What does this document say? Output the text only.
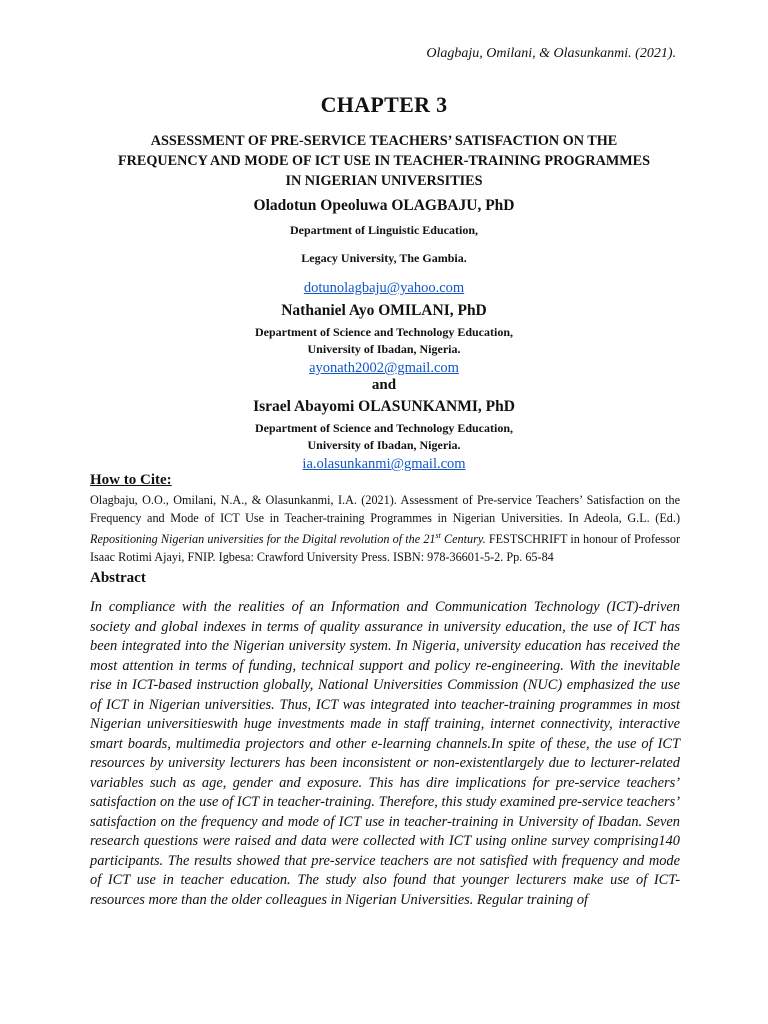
Olagbaju, Omilani, & Olasunkanmi. (2021).
CHAPTER 3
ASSESSMENT OF PRE-SERVICE TEACHERS’ SATISFACTION ON THE
FREQUENCY AND MODE OF ICT USE IN TEACHER-TRAINING PROGRAMMES
IN NIGERIAN UNIVERSITIES
Oladotun Opeoluwa OLAGBAJU, PhD
Department of Linguistic Education,
Legacy University, The Gambia.
dotunolagbaju@yahoo.com
Nathaniel Ayo OMILANI, PhD
Department of Science and Technology Education,
University of Ibadan, Nigeria.
ayonath2002@gmail.com
and
Israel Abayomi OLASUNKANMI, PhD
Department of Science and Technology Education,
University of Ibadan, Nigeria.
ia.olasunkanmi@gmail.com
How to Cite:
Olagbaju, O.O., Omilani, N.A., & Olasunkanmi, I.A. (2021). Assessment of Pre-service Teachers’ Satisfaction on the Frequency and Mode of ICT Use in Teacher-training Programmes in Nigerian Universities. In Adeola, G.L. (Ed.) Repositioning Nigerian universities for the Digital revolution of the 21st Century. FESTSCHRIFT in honour of Professor Isaac Rotimi Ajayi, FNIP. Igbesa: Crawford University Press. ISBN: 978-36601-5-2. Pp. 65-84
Abstract
In compliance with the realities of an Information and Communication Technology (ICT)-driven society and global indexes in terms of quality assurance in university education, the use of ICT has been integrated into the Nigerian university system. In Nigeria, university education has received the most attention in terms of funding, technical support and policy re-engineering. With the inevitable rise in ICT-based instruction globally, National Universities Commission (NUC) emphasized the use of ICT in Nigerian universities. Thus, ICT was integrated into teacher-training programmes in most Nigerian universitieswith huge investments made in staff training, internet connectivity, interactive smart boards, multimedia projectors and other e-learning channels.In spite of these, the use of ICT resources by university lecturers has been inconsistent or non-existentlargely due to lecturer-related variables such as age, gender and exposure. This has dire implications for pre-service teachers’ satisfaction on the use of ICT in teacher-training. Therefore, this study examined pre-service teachers’ satisfaction on the frequency and mode of ICT use in teacher-training in University of Ibadan. Seven research questions were raised and data were collected with ICT using online survey comprising140 participants. The results showed that pre-service teachers are not satisfied with frequency and mode of ICT use in teacher education. The study also found that younger lecturers make use of ICT-resources more than the older colleagues in Nigerian Universities. Regular training of
